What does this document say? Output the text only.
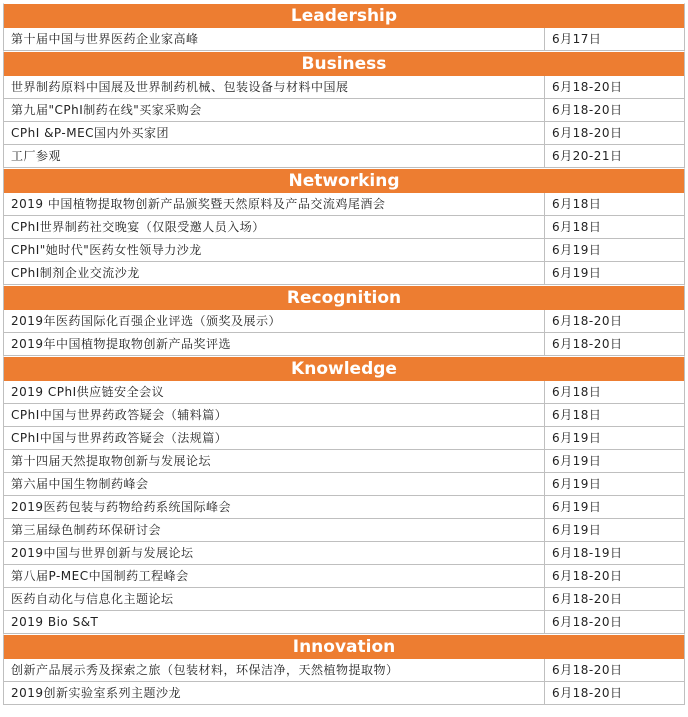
Leadership
第十届中国与世界医药企业家高峰	6月17日
Business
世界制药原料中国展及世界制药机械、包装设备与材料中国展	6月18-20日
第九届"CPhI制药在线"买家采购会	6月18-20日
CPhI &P-MEC国内外买家团	6月18-20日
工厂参观	6月20-21日
Networking
2019 中国植物提取物创新产品颁奖暨天然原料及产品交流鸡尾酒会	6月18日
CPhI世界制药社交晚宴（仅限受邀人员入场）	6月18日
CPhI"她时代"医药女性领导力沙龙	6月19日
CPhI制剂企业交流沙龙	6月19日
Recognition
2019年医药国际化百强企业评选（颁奖及展示）	6月18-20日
2019年中国植物提取物创新产品奖评选	6月18-20日
Knowledge
2019 CPhI供应链安全会议	6月18日
CPhI中国与世界药政答疑会（辅料篇）	6月18日
CPhI中国与世界药政答疑会（法规篇）	6月19日
第十四届天然提取物创新与发展论坛	6月19日
第六届中国生物制药峰会	6月19日
2019医药包装与药物给药系统国际峰会	6月19日
第三届绿色制药环保研讨会	6月19日
2019中国与世界创新与发展论坛	6月18-19日
第八届P-MEC中国制药工程峰会	6月18-20日
医药自动化与信息化主题论坛	6月18-20日
2019 Bio S&T	6月18-20日
Innovation
创新产品展示秀及探索之旅（包装材料，环保洁净，天然植物提取物）	6月18-20日
2019创新实验室系列主题沙龙	6月18-20日
